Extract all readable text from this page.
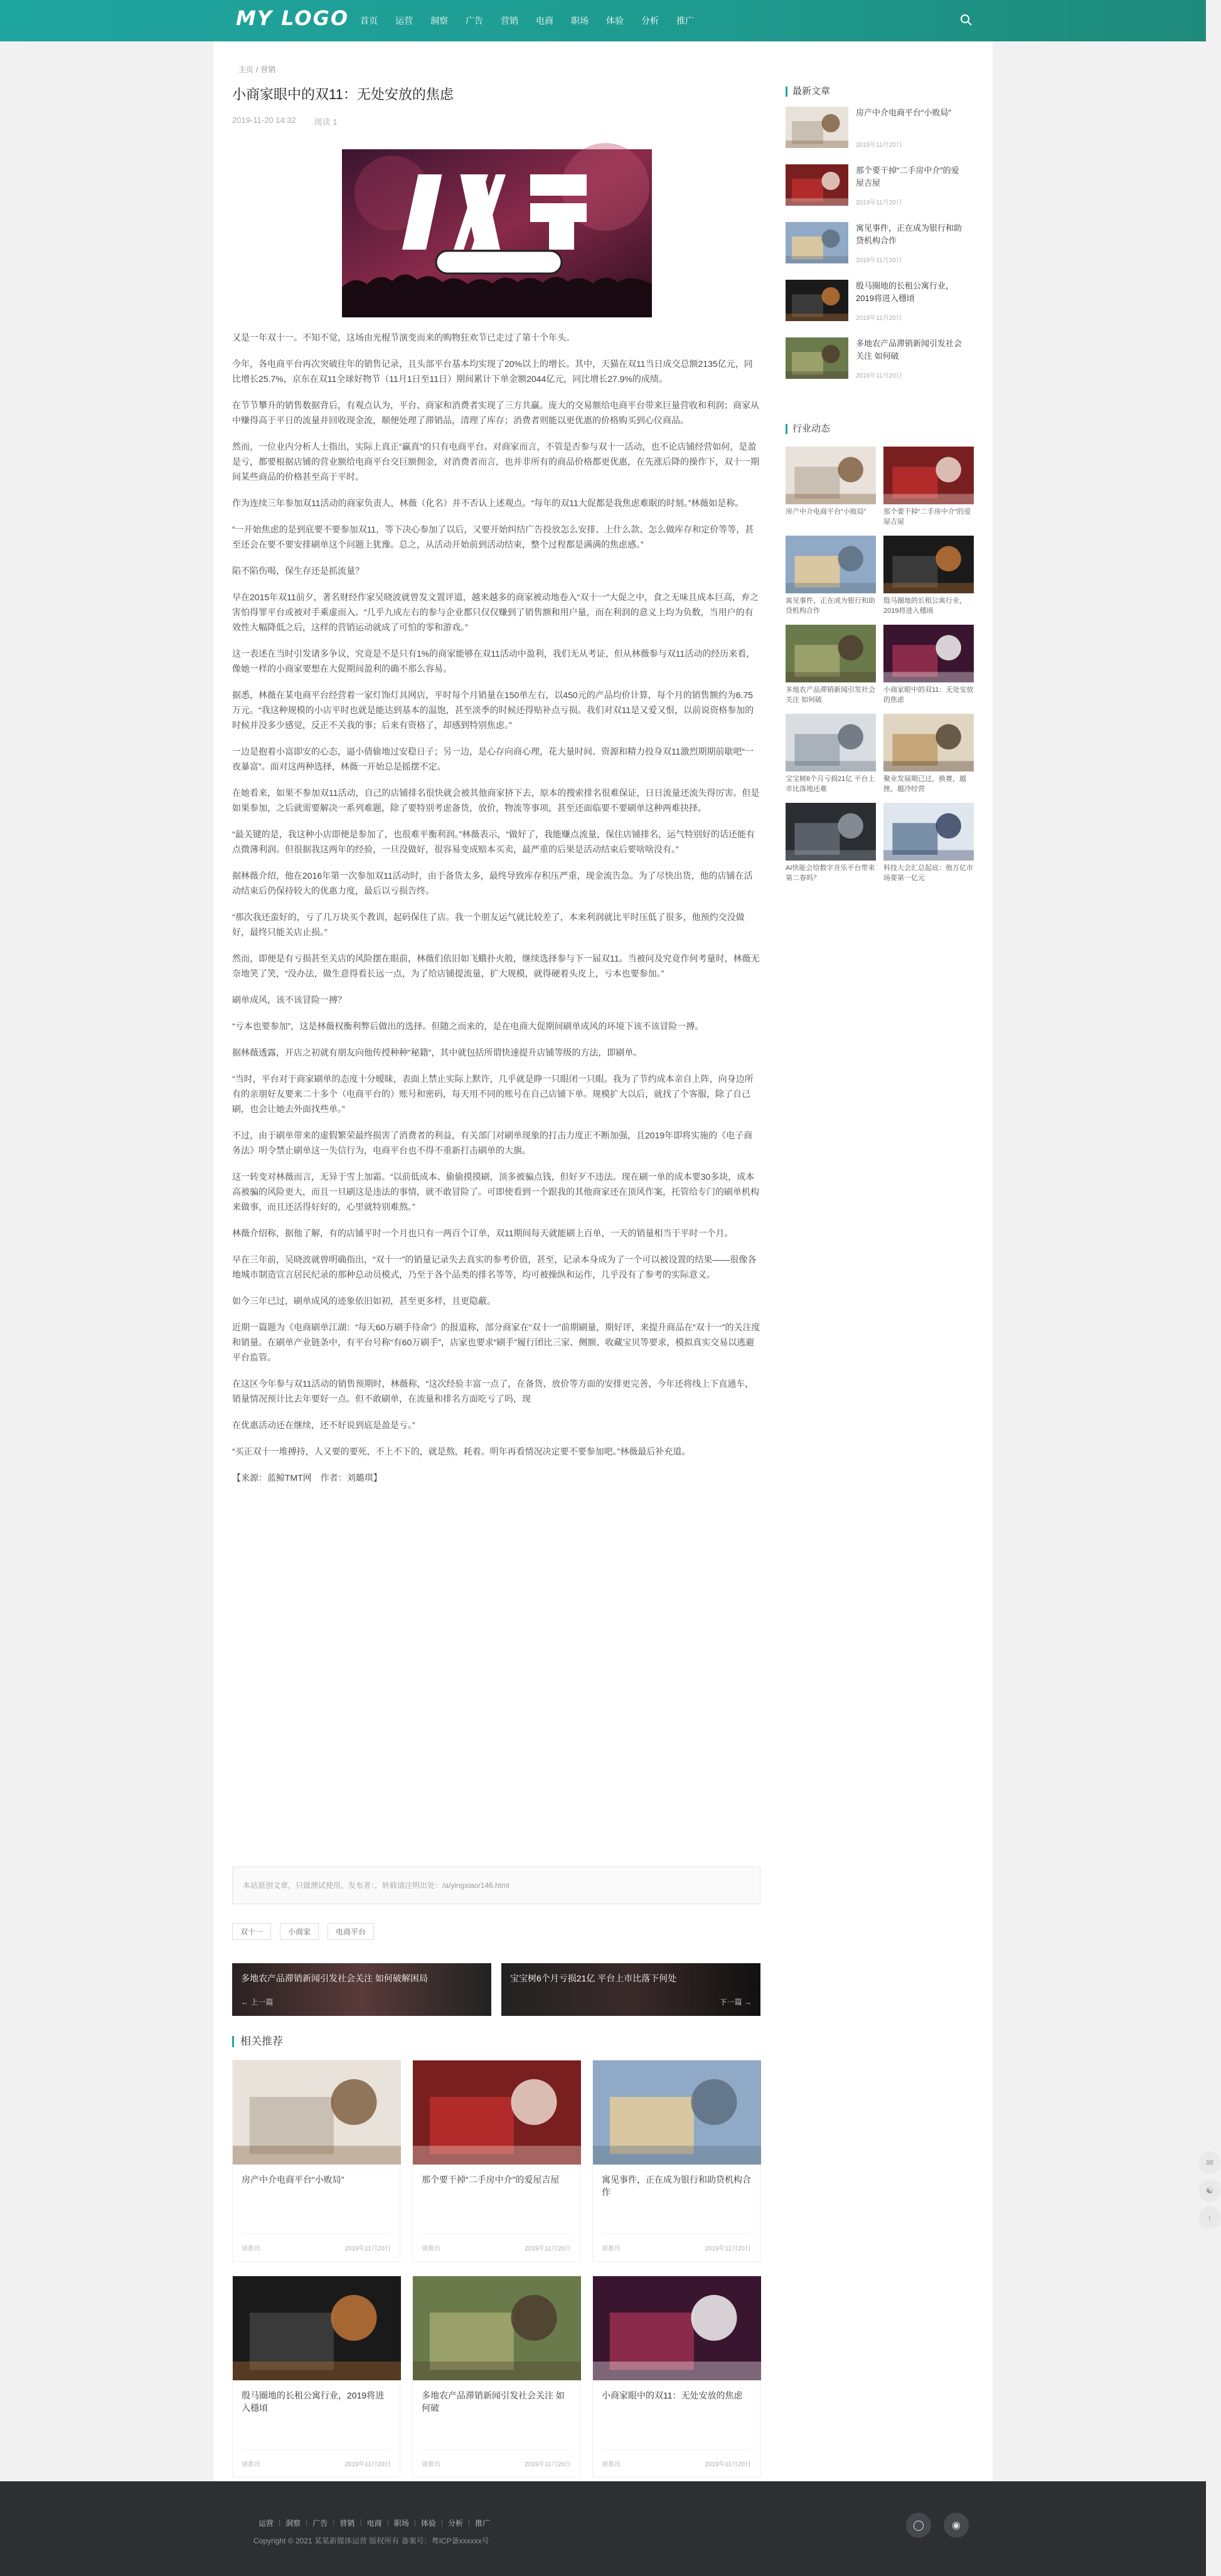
MY LOGO	首页	运营	洞察	广告	营销	电商	职场	体验	分析	推广
主页 / 营销
小商家眼中的双11：无处安放的焦虑
2019-11-20 14:32 阅读 1

又是一年双十一。不知不觉，这场由光棍节演变而来的购物狂欢节已走过了第十个年头。

今年，各电商平台再次突破往年的销售记录，且头部平台基本均实现了20%以上的增长。其中，天猫在双11当日成交总额2135亿元，同比增长25.7%，京东在双11全球好物节（11月1日至11日）期间累计下单金额2044亿元，同比增长27.9%的成绩。

在节节攀升的销售数据背后，有观点认为，平台、商家和消费者实现了三方共赢。庞大的交易额给电商平台带来巨量营收和利润；商家从中赚得高于平日的流量并回收现金流，顺便处理了滞销品，清理了库存；消费者则能以更优惠的价格购买到心仪商品。

然而，一位业内分析人士指出，实际上真正“赢真”的只有电商平台。对商家而言，不管是否参与双十一活动，也不论店铺经营如何，是盈是亏，都要根据店铺的营业额给电商平台交巨额佣金，对消费者而言，也并非所有的商品价格都更优惠，在先涨后降的操作下，双十一期间某些商品的价格甚至高于平时。

作为连续三年参加双11活动的商家负责人，林薇（化名）并不否认上述观点。“每年的双11大促都是我焦虑难眠的时刻。”林薇如是称。

“一开始焦虑的是到底要不要参加双11，等下决心参加了以后，又要开始纠结广告投放怎么安排、上什么款、怎么做库存和定价等等，甚至还会在要不要安排刷单这个问题上犹豫。总之，从活动开始前到活动结束，整个过程都是满满的焦虑感。”

陷不陷伤喝，保生存还是抓流量？

早在2015年双11前夕，著名财经作家吴晓波就曾发文置评道，越来越多的商家被动地卷入“双十一”大促之中，食之无味且成本巨高，弃之害怕得罪平台或被对手乘虚而入。“几乎九成左右的参与企业都只仅仅赚到了销售额和用户量，而在利润的意义上均为负数，当用户的有效性大幅降低之后，这样的营销运动就成了可怕的零和游戏。”

这一表述在当时引发诸多争议，究竟是不是只有1%的商家能够在双11活动中盈利，我们无从考证，但从林薇参与双11活动的经历来看，像她一样的小商家要想在大促期间盈利的确不那么容易。

据悉，林薇在某电商平台经营着一家灯饰灯具网店，平时每个月销量在150单左右，以450元的产品均价计算，每个月的销售额约为6.75万元。“我这种规模的小店平时也就是能达到基本的温饱，甚至淡季的时候还得贴补点亏损。我们对双11是又爱又恨，以前说资格参加的时候并没多少感觉，反正不关我的事；后来有资格了，却感到特别焦虑。”

一边是抱着小富即安的心态，逼小倩偷地过安稳日子；另一边，是心存向商心理，花大量时间、资源和精力投身双11激烈期期前歇吧“一夜暴富”。面对这两种选择，林薇一开始总是摇摆不定。

在她看来，如果不参加双11活动，自己的店铺排名很快就会被其他商家挤下去，原本的搜索排名很难保证，日日流量还流失得厉害。但是如果参加，之后就需要解决一系列难题，除了要特别考虑备货，放价，物流等事项，甚至还面临要不要刷单这种两难抉择。

“最关键的是，我这种小店即便是参加了，也很难平衡利润。”林薇表示，“做好了，我能赚点流量，保住店铺排名，运气特别好的话还能有点微薄利润。但很据我这两年的经验，一旦没做好，很容易变成赔本买卖，最严重的后果是活动结束后要啥啥没有。”

据林薇介绍，他在2016年第一次参加双11活动时，由于备货太多，最终导致库存积压严重，现金流告急。为了尽快出货，他的店铺在活动结束后仍保持较大的优惠力度，最后以亏损告终。

“那次我还蛮好的，亏了几万块买个教训，起码保住了店。我一个朋友运气就比较差了，本来利润就比平时压低了很多，他预约交没做好，最终只能关店止损。”

然而，即便是有亏损甚至关店的风险摆在眼前，林薇们依旧如飞蛾扑火般，继续选择参与下一届双11。当被问及究竟作何考量时，林薇无奈地笑了笑，“没办法，做生意得看长远一点，为了给店铺提流量，扩大规模，就得硬着头皮上，亏本也要参加。”

刷单成风，该不该冒险一搏？

“亏本也要参加”，这是林薇权衡利弊后做出的选择。但随之而来的，是在电商大促期间刷单成风的环境下该不该冒险一搏。

据林薇透露，开店之初就有朋友向他传授种种“秘籍”，其中就包括所谓快速提升店铺等级的方法，即刷单。

“当时，平台对于商家刷单的态度十分暧昧，表面上禁止实际上默许，几乎就是睁一只眼闭一只眼。我为了节约成本亲自上阵，向身边所有的亲朋好友要来二十多个（电商平台的）账号和密码，每天用不同的账号在自己店铺下单。规模扩大以后，就找了个客服，除了自己刷，也会让她去外面找些单。”

不过，由于刷单带来的虚假繁荣最终损害了消费者的利益，有关部门对刷单现象的打击力度正不断加强，且2019年即将实施的《电子商务法》明令禁止刷单这一失信行为，电商平台也不得不重新打击刷单的大旗。

这一转变对林薇而言，无异于雪上加霜。“以前低成本、偷偷摸摸刷，顶多被骗点钱，但好歹不违法。现在刷一单的成本要30多块，成本高被骗的风险更大，而且一旦刷这是违法的事情，就不敢冒险了。可即使看到一个跟我的其他商家还在顶风作案，托管给专门的刷单机构来做事，而且还活得好好的，心里就特别难熬。”

林薇介绍称，据他了解，有的店铺平时一个月也只有一两百个订单，双11期间每天就能刷上百单，一天的销量相当于平时一个月。

早在三年前，吴晓波就曾明确指出，“双十一”的销量记录失去真实的参考价值，甚至，记录本身成为了一个可以被设置的结果——很像各地城市制造宣言居民纪录的那种总动员模式，乃至于各个品类的排名等等，均可被操纵和运作，几乎没有了参考的实际意义。

如今三年已过，刷单成风的迹象依旧如初，甚至更多样，且更隐蔽。

近期一篇题为《电商刷单江湖：“每天60万刷手待命”》的报道称，部分商家在“双十一”前期刷量，期好评，来提升商品在“双十一”的关注度和销量。在刷单产业链条中，有平台号称“有60万刷手”，店家也要求“刷手”履行团比三家、侧额、收藏宝贝等要求，模拟真实交易以逃避平台监管。

在这区今年参与双11活动的销售预期时，林薇称，“这次经验丰富一点了，在备货、放价等方面的安排更完善，今年还将线上下直通车，销量情况预计比去年要好一点。但不敢刷单，在流量和排名方面吃亏了吗，现

在优惠活动还在继续，还不好说到底是盈是亏。”

“买正双十一堆搏持，人又要的要死，不上不下的，就是熬，耗着。明年再看情况决定要不要参加吧。”林薇最后补充道。

【来源：蓝鲸TMT网　作者：刘璐琪】

本站原创文章，只做测试使用，发布者：，转载请注明出处：/a/yingxiao/146.html
双十一	小商家	电商平台
多地农产品滞销新闻引发社会关注 如何破解困局
← 上一篇
宝宝树6个月亏损21亿 平台上市比落下何处
下一篇 →
相关推荐
房产中介电商平台“小败局”
谈推出	2019年11月20日
那个要干掉“二手房中介”的爱屋吉屋
谈推出	2019年11月20日
寓见事件，正在成为银行和助贷机构合作
谈推出	2019年11月20日
殷马圈地的长租公寓行业，2019将进入穩頃
谈推出	2019年11月20日
多地农产品滞销新闻引发社会关注 如何破
谈推出	2019年11月20日
小商家眼中的双11：无处安放的焦虑
谈推出	2019年11月20日
最新文章
房产中介电商平台“小败局”
2019年11月20日
那个要干掉“二手房中介”的爱屋吉屋
2019年11月20日
寓见事件，正在成为银行和助贷机构合作
2019年11月20日
殷马圈地的长租公寓行业，2019将进入穩頃
2019年11月20日
多地农产品滞销新闻引发社会关注 如何破
2019年11月20日
行业动态
房产中介电商平台“小败局”	那个要干掉“二手房中介”的爱屋吉屋
寓见事件，正在成为银行和助贷机构合作
殷马圈地的长租公寓行业，2019将进入穩頃
多地农产品滞销新闻引发社会关注 如何破
小商家眼中的双11：无处安放的焦虑
宝宝树6个月亏损21亿 平台上市比落地还难
聚业发展期已过，换赛，越挫，越冷经营
AI快能会给数字音乐平台带来第二春吗？
科技大会汇总起底：他万亿市场要第一亿元
✉
☯
↑
运营 | 洞察 | 广告 | 营销 | 电商 | 职场 | 体验 | 分析 | 推广
Copyright © 2021 某某新媒体运营 版权所有 备案号：粤ICP备xxxxxx号
◯	◉
